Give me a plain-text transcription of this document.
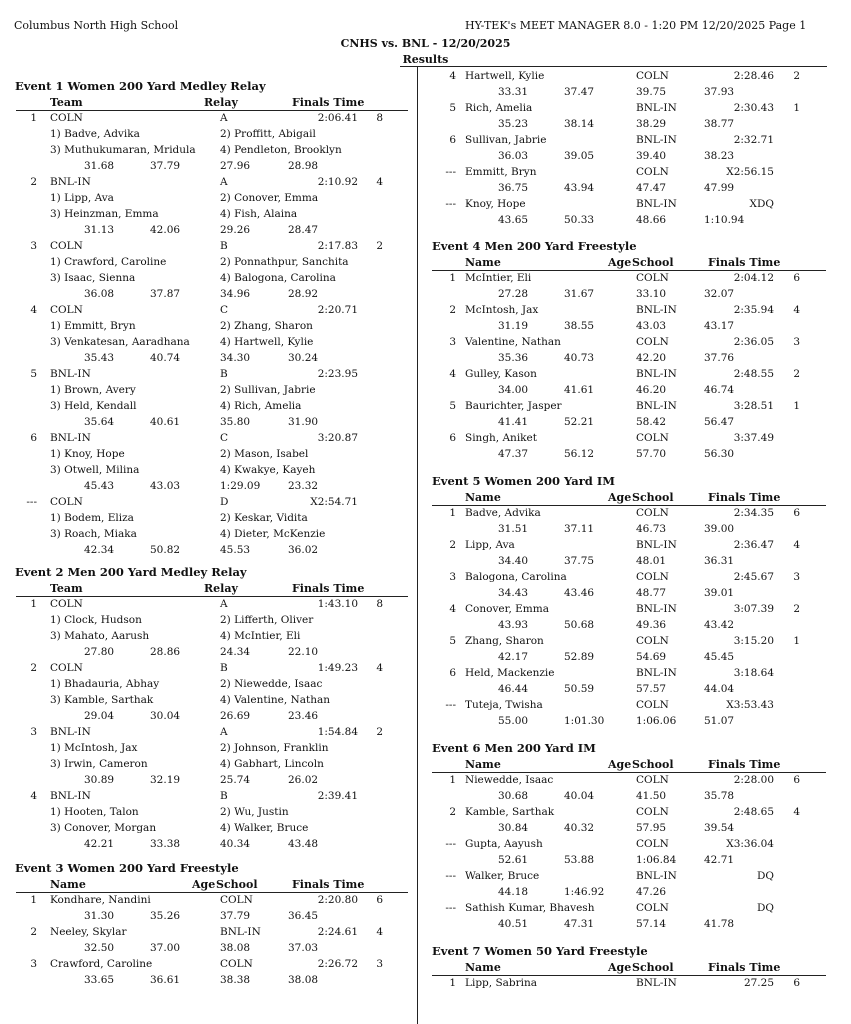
Columbus North High School	HY-TEK's MEET MANAGER 8.0 - 1:20 PM 12/20/2025 Page 1
CNHS vs. BNL - 12/20/2025
Results
Event 1 Women 200 Yard Medley Relay
Team	Relay	Finals Time
1 COLN	A	2:06.41 8
1) Badve, Advika	2) Proffitt, Abigail
3) Muthukumaran, Mridula 4) Pendleton, Brooklyn
31.68	37.79	27.96	28.98
2 BNL-IN	A	2:10.92 4
1) Lipp, Ava	2) Conover, Emma
3) Heinzman, Emma	4) Fish, Alaina
31.13	42.06	29.26	28.47
3 COLN	B	2:17.83 2
1) Crawford, Caroline	2) Ponnathpur, Sanchita
3) Isaac, Sienna	4) Balogona, Carolina
36.08	37.87	34.96	28.92
4 COLN	C	2:20.71
1) Emmitt, Bryn	2) Zhang, Sharon
3) Venkatesan, Aaradhana	4) Hartwell, Kylie
35.43	40.74	34.30	30.24
5 BNL-IN	B	2:23.95
1) Brown, Avery	2) Sullivan, Jabrie
3) Held, Kendall	4) Rich, Amelia
35.64	40.61	35.80	31.90
6 BNL-IN	C	3:20.87
1) Knoy, Hope	2) Mason, Isabel
3) Otwell, Milina	4) Kwakye, Kayeh
45.43	43.03	1:29.09	23.32
--- COLN	D	X2:54.71
1) Bodem, Eliza	2) Keskar, Vidita
3) Roach, Miaka	4) Dieter, McKenzie
42.34	50.82	45.53	36.02
Event 2 Men 200 Yard Medley Relay
Team	Relay	Finals Time
1 COLN	A	1:43.10 8
1) Clock, Hudson	2) Lifferth, Oliver
3) Mahato, Aarush	4) McIntier, Eli
27.80	28.86	24.34	22.10
2 COLN	B	1:49.23 4
1) Bhadauria, Abhay	2) Niewedde, Isaac
3) Kamble, Sarthak	4) Valentine, Nathan
29.04	30.04	26.69	23.46
3 BNL-IN	A	1:54.84 2
1) McIntosh, Jax	2) Johnson, Franklin
3) Irwin, Cameron	4) Gabhart, Lincoln
30.89	32.19	25.74	26.02
4 BNL-IN	B	2:39.41
1) Hooten, Talon	2) Wu, Justin
3) Conover, Morgan	4) Walker, Bruce
42.21	33.38	40.34	43.48
Event 3 Women 200 Yard Freestyle
Name	Age School	Finals Time
1 Kondhare, Nandini	COLN	2:20.80 6
31.30	35.26	37.79	36.45
2 Neeley, Skylar	BNL-IN	2:24.61 4
32.50	37.00	38.08	37.03
3 Crawford, Caroline	COLN	2:26.72 3
33.65	36.61	38.38	38.08
4 Hartwell, Kylie	COLN	2:28.46 2
33.31	37.47	39.75	37.93
5 Rich, Amelia	BNL-IN	2:30.43 1
35.23	38.14	38.29	38.77
6 Sullivan, Jabrie	BNL-IN	2:32.71
36.03	39.05	39.40	38.23
--- Emmitt, Bryn	COLN	X2:56.15
36.75	43.94	47.47	47.99
--- Knoy, Hope	BNL-IN	XDQ
43.65	50.33	48.66	1:10.94
Event 4 Men 200 Yard Freestyle
Name	Age School	Finals Time
1 McIntier, Eli	COLN	2:04.12 6
27.28	31.67	33.10	32.07
2 McIntosh, Jax	BNL-IN	2:35.94 4
31.19	38.55	43.03	43.17
3 Valentine, Nathan	COLN	2:36.05 3
35.36	40.73	42.20	37.76
4 Gulley, Kason	BNL-IN	2:48.55 2
34.00	41.61	46.20	46.74
5 Baurichter, Jasper	BNL-IN	3:28.51 1
41.41	52.21	58.42	56.47
6 Singh, Aniket	COLN	3:37.49
47.37	56.12	57.70	56.30
Event 5 Women 200 Yard IM
Name	Age School	Finals Time
1 Badve, Advika	COLN	2:34.35 6
31.51	37.11	46.73	39.00
2 Lipp, Ava	BNL-IN	2:36.47 4
34.40	37.75	48.01	36.31
3 Balogona, Carolina	COLN	2:45.67 3
34.43	43.46	48.77	39.01
4 Conover, Emma	BNL-IN	3:07.39 2
43.93	50.68	49.36	43.42
5 Zhang, Sharon	COLN	3:15.20 1
42.17	52.89	54.69	45.45
6 Held, Mackenzie	BNL-IN	3:18.64
46.44	50.59	57.57	44.04
--- Tuteja, Twisha	COLN	X3:53.43
55.00	1:01.30	1:06.06	51.07
Event 6 Men 200 Yard IM
Name	Age School	Finals Time
1 Niewedde, Isaac	COLN	2:28.00 6
30.68	40.04	41.50	35.78
2 Kamble, Sarthak	COLN	2:48.65 4
30.84	40.32	57.95	39.54
--- Gupta, Aayush	COLN	X3:36.04
52.61	53.88	1:06.84	42.71
--- Walker, Bruce	BNL-IN	DQ
44.18	1:46.92	47.26
--- Sathish Kumar, Bhavesh	COLN	DQ
40.51	47.31	57.14	41.78
Event 7 Women 50 Yard Freestyle
Name	Age School	Finals Time
1 Lipp, Sabrina	BNL-IN	27.25 6
